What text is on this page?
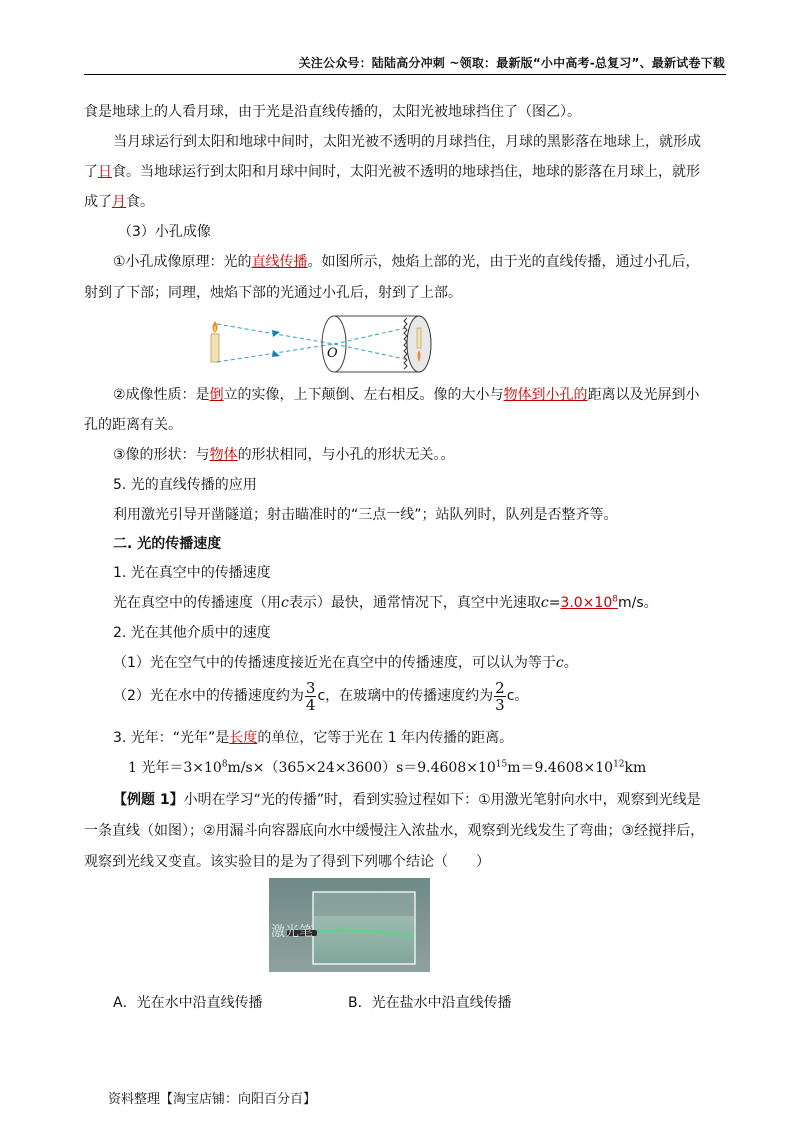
关注公众号：陆陆高分冲刺 ~领取：最新版“小中高考-总复习”、最新试卷下载
食是地球上的人看月球，由于光是沿直线传播的，太阳光被地球挡住了（图乙）。
当月球运行到太阳和地球中间时，太阳光被不透明的月球挡住，月球的黑影落在地球上，就形成
了日食。当地球运行到太阳和月球中间时，太阳光被不透明的地球挡住，地球的影落在月球上，就形
成了月食。
（3）小孔成像
①小孔成像原理：光的直线传播。如图所示，烛焰上部的光，由于光的直线传播，通过小孔后，
射到了下部；同理，烛焰下部的光通过小孔后，射到了上部。
O
②成像性质：是倒立的实像，上下颠倒、左右相反。像的大小与物体到小孔的距离以及光屏到小
孔的距离有关。
③像的形状：与物体的形状相同，与小孔的形状无关。。
5. 光的直线传播的应用
利用激光引导开凿隧道；射击瞄准时的“三点一线”；站队列时，队列是否整齐等。
二. 光的传播速度
1. 光在真空中的传播速度
光在真空中的传播速度（用c表示）最快，通常情况下，真空中光速取$c=3.0\times 10^8m/s$。
2. 光在其他介质中的速度
（1）光在空气中的传播速度接近光在真空中的传播速度，可以认为等于c。
（2）光在水中的传播速度约为 $\frac{3}{4}$ c，在玻璃中的传播速度约为 $\frac{2}{3}$ c。
3. 光年：“光年”是长度的单位，它等于光在 1 年内传播的距离。
1 光年$=3\times 10^8m/s\times(365\times 24\times 3600)s=9.4608\times 10^{15}m=9.4608\times 10^{12}km$
【例题 1】小明在学习“光的传播”时，看到实验过程如下：①用激光笔射向水中，观察到光线是
一条直线（如图）；②用漏斗向容器底向水中缓慢注入浓盐水，观察到光线发生了弯曲；③经搅拌后，
观察到光线又变直。该实验目的是为了得到下列哪个结论（　　）
激光笔
A．光在水中沿直线传播	B．光在盐水中沿直线传播
资料整理【淘宝店铺：向阳百分百】
